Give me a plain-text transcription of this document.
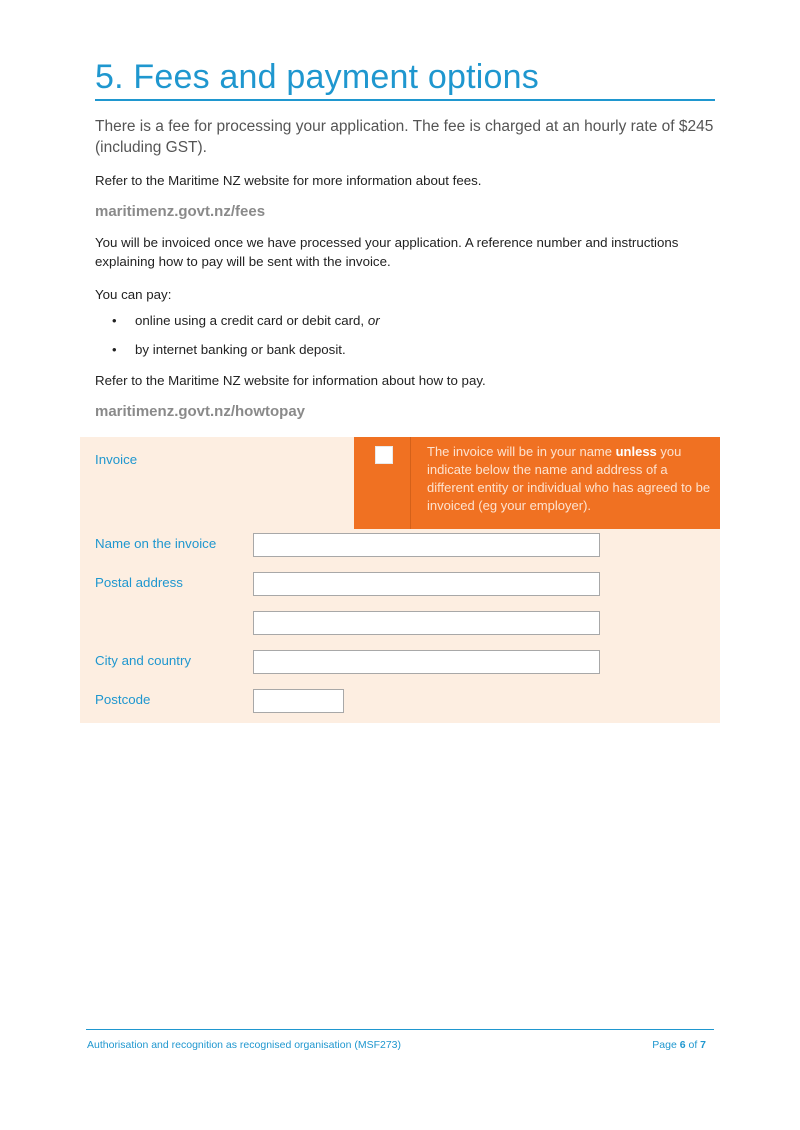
5. Fees and payment options
There is a fee for processing your application. The fee is charged at an hourly rate of $245 (including GST).
Refer to the Maritime NZ website for more information about fees.
maritimenz.govt.nz/fees
You will be invoiced once we have processed your application. A reference number and instructions explaining how to pay will be sent with the invoice.
You can pay:
• online using a credit card or debit card, or
• by internet banking or bank deposit.
Refer to the Maritime NZ website for information about how to pay.
maritimenz.govt.nz/howtopay
The invoice will be in your name unless you indicate below the name and address of a different entity or individual who has agreed to be invoiced (eg your employer).
Invoice
Name on the invoice
Postal address
City and country
Postcode
Authorisation and recognition as recognised organisation (MSF273)	Page 6 of 7
